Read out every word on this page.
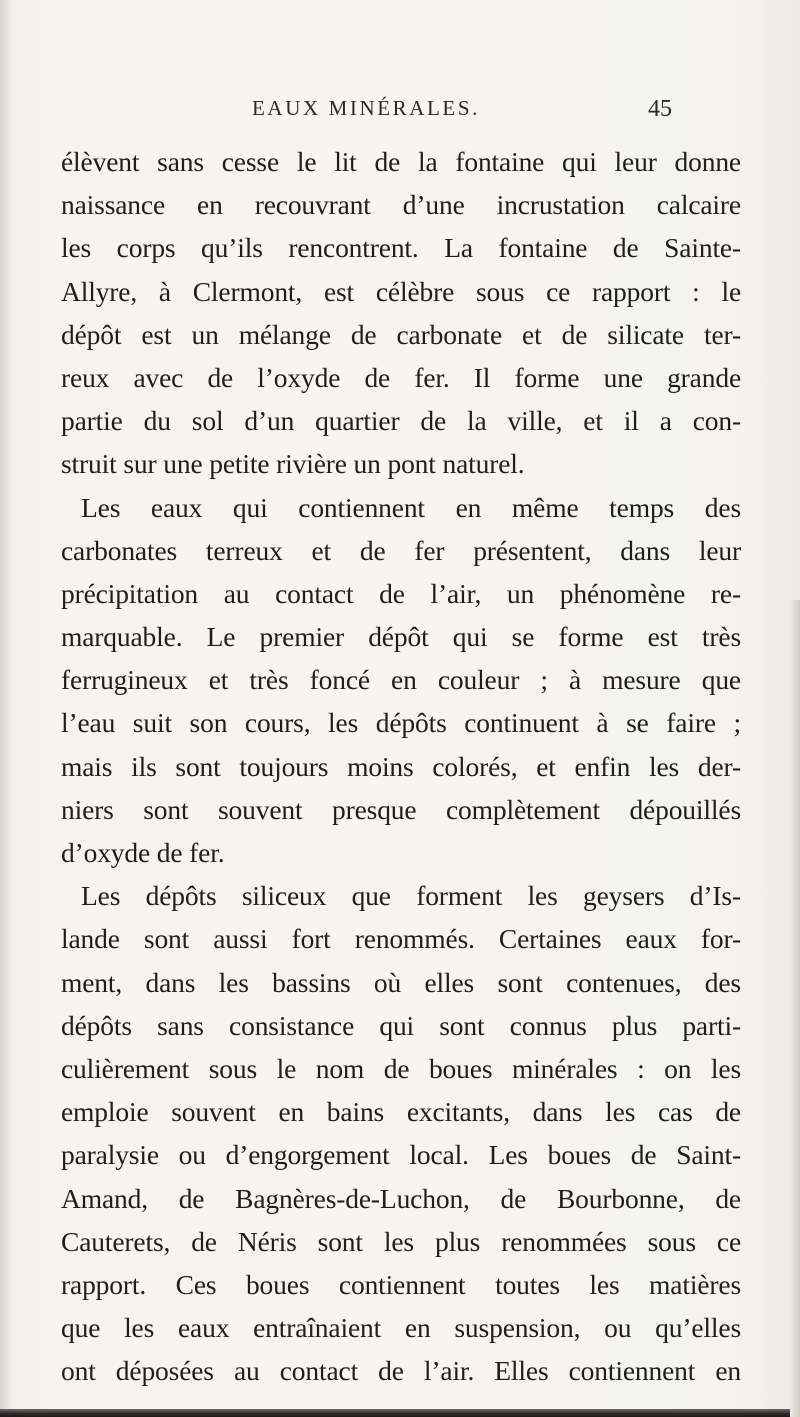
EAUX MINÉRALES.	45
élèvent sans cesse le lit de la fontaine qui leur donne
naissance en recouvrant d’une incrustation calcaire
les corps qu’ils rencontrent. La fontaine de Sainte-
Allyre, à Clermont, est célèbre sous ce rapport : le
dépôt est un mélange de carbonate et de silicate ter-
reux avec de l’oxyde de fer. Il forme une grande
partie du sol d’un quartier de la ville, et il a con-
struit sur une petite rivière un pont naturel.
Les eaux qui contiennent en même temps des
carbonates terreux et de fer présentent, dans leur
précipitation au contact de l’air, un phénomène re-
marquable. Le premier dépôt qui se forme est très
ferrugineux et très foncé en couleur ; à mesure que
l’eau suit son cours, les dépôts continuent à se faire ;
mais ils sont toujours moins colorés, et enfin les der-
niers sont souvent presque complètement dépouillés
d’oxyde de fer.
Les dépôts siliceux que forment les geysers d’Is-
lande sont aussi fort renommés. Certaines eaux for-
ment, dans les bassins où elles sont contenues, des
dépôts sans consistance qui sont connus plus parti-
culièrement sous le nom de boues minérales : on les
emploie souvent en bains excitants, dans les cas de
paralysie ou d’engorgement local. Les boues de Saint-
Amand, de Bagnères-de-Luchon, de Bourbonne, de
Cauterets, de Néris sont les plus renommées sous ce
rapport. Ces boues contiennent toutes les matières
que les eaux entraînaient en suspension, ou qu’elles
ont déposées au contact de l’air. Elles contiennent en
